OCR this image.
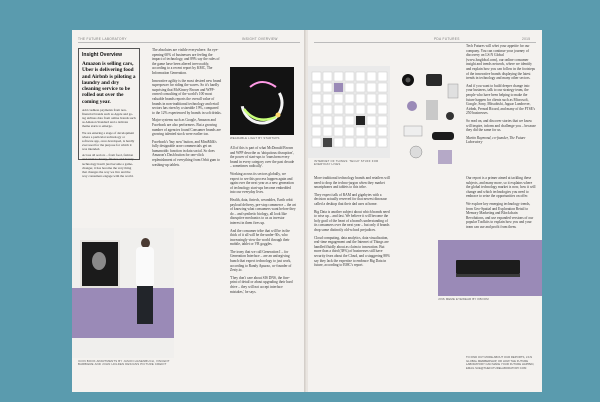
THE FUTURE LABORATORY	INSIGHT OVERVIEW
Insight Overview
Amazon is selling cars, Uber is delivering food and Airbnb is piloting a laundry and dry cleaning service to be rolled out over the coming year.

Add cashless payments from non-financial brands such as Apple and go-tag airlines data from online brands such as Amazon Standard and a delicate theme starts to emerge.

We are entering a stage of development where a particular technology or software app, once developed, is hardly ever used for the purpose for which it was intended.

Across all sectors – from food, fashion and retail to luxury, finance and beauty – technology hasn't just become a game-changer, it has become the very thing that changes the way we live and the way consumers engage with the world.

The absolutes are visible everywhere. An eye-opening 60% of businesses are feeling the impact of technology, and 89% say the rules of the game have been altered irrevocably, according to a recent report by KMC, The Information Generation.

Innovative agility is the most desired new brand superpower for riding the waves. So it's hardly surprising that McKinsey Brown and WPP-owned consulting of the world's 100 most valuable brands reports the overall value of brands in non-traditional technology and retail sectors has risen by a sizeable 19%, compared to the 12% experienced by brands in soft drinks.

Major systems such as Google, Amazon and Facebook are also performers. But a growing number of agencies found Consumer brands are growing talented stock were earlier too.

Facebook's 'buy now' button, and MiniMilk's fully designable acne commercials get an humanoidic function in data social. So does Amazon's Dash button for one-click replenishment of everything from Orbit gum to washing-up tablets.

WEARABLE LIGHT BY STARTUPS

All of this is part of what McDonald Brown and WPP describe as 'ubiquitous disruption', the power of start-ups to 'transform every brand in every category over the past decade – sometimes radically'.

Working across its sectors globally, we expect to see this process happen again and again over the next year as a new generation of technology start-ups become embedded into our everyday lives.

Health, data, fintech, wearables, Earth orbit payload delivery, pre-stop commerce – the art of knowing what consumers want before they do – and synthetic biology, all look like disruptive mechanics to us as investor interest in them fires up.

And the consumer tribe that will be in the thick of it all will be the under-30s, who increasingly view the world through their mobile, tablet or VR goggles.

The irony that we call Generation I – for Generation Interface – are an unforgiving bunch that expect technology to just work, according to Randy Apuzzo, co-founder of Zesty.io.

'They don't care about SIS DNS, the fine-print of detail or about upgrading their hard drive – they will not accept interface mistakes,' he says.

ICON BOOK APARTMENTS BY JASON HASENBUCH, VINCENT BARBIERE AND JOHN HOLDEN DESIGNS PICTURE CREDIT
PDA FUTURES	2015
INTERNET OF THINGS: TECHY STUFF FOR EVERYDAY LIVES

More traditional technology brands and retailers will need to drop the techno-jargon when they market smartphones and tablets to this tribe.

They expect talk of RAM and gigabytes with a decision actually reserved for that newest dinosaur called a desktop that their dad uses at home.

Big Data is another subject about which brands need to wise up – and fast. We believe it will become the holy grail of the heart of a brand's understanding of its consumers over the next year – but only if brands drop some distinctly old-school prejudices.

Cloud computing, data analytics, data visualisation, real-time engagement and the Internet of Things are handled fluidly about as claim to innovation. But more than a third (38%) of businesses still have security fears about the Cloud, and a staggering 88% say they lack the expertise to embrace Big Data in future, according to EMC's report.

Our report is a primer aimed at tackling these subjects, and many more, so it explains where the global technology market is now, how it will change and which technologies you need to embrace to seize the opportunities on offer.

We explore key emerging technology trends, from Geo-Spatial and Exploration Retail to Memory Marketing and Blockchain Revolutions, and use expanded versions of our popular Toolkits to explain how you and your team can use and profit from them.

JINS MEME EYEWEAR BY KBOOM

Tech Futures will whet your appetite for our company. You can continue your journey of discovery on LS:N Global (www.lsnglobal.com), our online consumer insight and trends network, where we identify and explain how you can follow in the footsteps of the innovative brands displaying the latest trends in technology and many other sectors.

And if you want to build deeper change into your business, talk to our strategy team, the people who have been helping to make the future happen for clients such as Microsoft, Google, Sony, Mitsubishi, Jaguar Landrover, Airbnb, Pernod Ricard, and many of the FTSE's 250 businesses.

So read on, and discover stories that we know will inspire, inform and challenge you – because they did the same for us.

Martin Raymond, co-founder, The Future Laboratory

TO FIND OUT MORE ABOUT OUR REPORTS, LS:N GLOBAL MEMBERSHIP, OR HOW THE FUTURE LABORATORY CAN MAKE YOUR FUTURE HAPPEN, EMAIL SUE@THEFUTURELABORATORY.COM
